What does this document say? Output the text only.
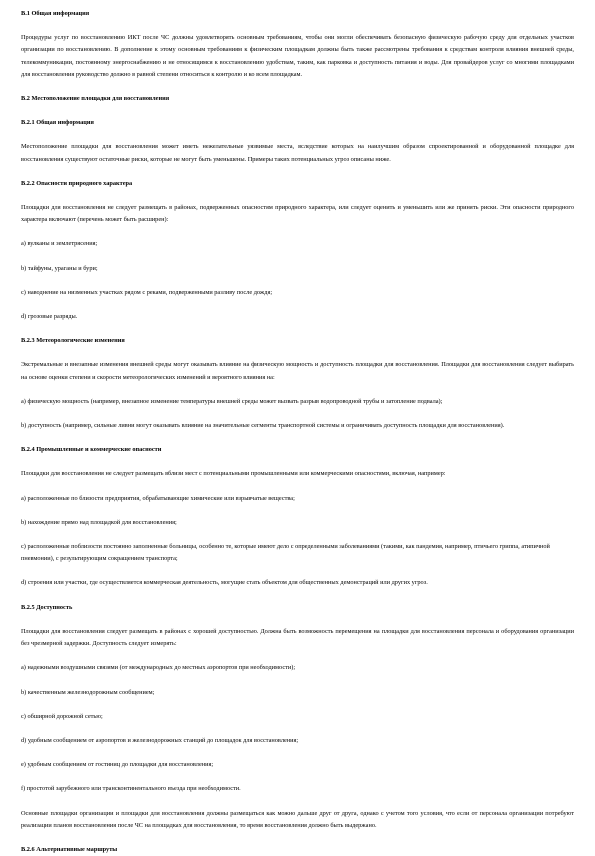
В.1 Общая информация
Процедуры услуг по восстановлению ИКТ после ЧС должны удовлетворять основным требованиям, чтобы они могли обеспечивать безопасную физическую рабочую среду для отдельных участков организации по восстановлению. В дополнение к этому основным требованиям к физическим площадкам должны быть также рассмотрены требования к средствам контроля влияния внешней среды, телекоммуникации, постоянному энергоснабжению и не относящимся к восстановлению удобствам, таким, как парковка и доступность питания и воды. Для провайдеров услуг со многими площадками для восстановления руководство должно в равной степени относиться к контролю и ко всем площадкам.
В.2 Местоположение площадки для восстановления
В.2.1 Общая информация
Местоположение площадки для восстановления может иметь нежелательные уязвимые места, вследствие которых на наилучшим образом спроектированной и оборудованной площадке для восстановления существуют остаточные риски, которые не могут быть уменьшены. Примеры таких потенциальных угроз описаны ниже.
В.2.2 Опасности природного характера
Площадки для восстановления не следует размещать в районах, подверженных опасностям природного характера, или следует оценить и уменьшить или же принять риски. Эти опасности природного характера включают (перечень может быть расширен):
a) вулканы и землетрясения;
b) тайфуны, ураганы и бури;
c) наводнение на низменных участках рядом с реками, подверженными разливу после дождя;
d) грозовые разряды.
В.2.3 Метеорологические изменения
Экстремальные и внезапные изменения внешней среды могут оказывать влияние на физическую мощность и доступность площадки для восстановления. Площадки для восстановления следует выбирать на основе оценки степени и скорости метеорологических изменений и вероятного влияния на:
a) физическую мощность (например, внезапное изменение температуры внешней среды может вызвать разрыв водопроводной трубы и затопление подвала);
b) доступность (например, сильные ливни могут оказывать влияние на значительные сегменты транспортной системы и ограничивать доступность площадки для восстановления).
В.2.4 Промышленные и коммерческие опасности
Площадки для восстановления не следует размещать вблизи мест с потенциальными промышленными или коммерческими опасностями, включая, например:
a) расположенные по близости предприятия, обрабатывающие химические или взрывчатые вещества;
b) нахождение прямо над площадкой для восстановления;
c) расположенные поблизости постоянно заполненные больницы, особенно те, которые имеют дело с определенными заболеваниями (такими, как пандемия, например, птичьего гриппа, атипичной пневмонии), с результирующим сокращением транспорта;
d) строения или участки, где осуществляется коммерческая деятельность, могущие стать объектом для общественных демонстраций или других угроз.
В.2.5 Доступность
Площадки для восстановления следует размещать в районах с хорошей доступностью. Должна быть возможность перемещения на площадки для восстановления персонала и оборудования организации без чрезмерной задержки. Доступность следует измерять:
a) надежными воздушными связями (от международных до местных аэропортов при необходимости);
b) качественным железнодорожным сообщением;
c) обширной дорожной сетью;
d) удобным сообщением от аэропортов и железнодорожных станций до площадок для восстановления;
e) удобным сообщением от гостиниц до площадки для восстановления;
f) простотой зарубежного или трансконтинентального въезда при необходимости.
Основные площадки организации и площадки для восстановления должны размещаться как можно дальше друг от друга, однако с учетом того условия, что если от персонала организации потребуют реализации планов восстановления после ЧС на площадках для восстановления, то время восстановления должно быть выдержано.
В.2.6 Альтернативные маршруты
